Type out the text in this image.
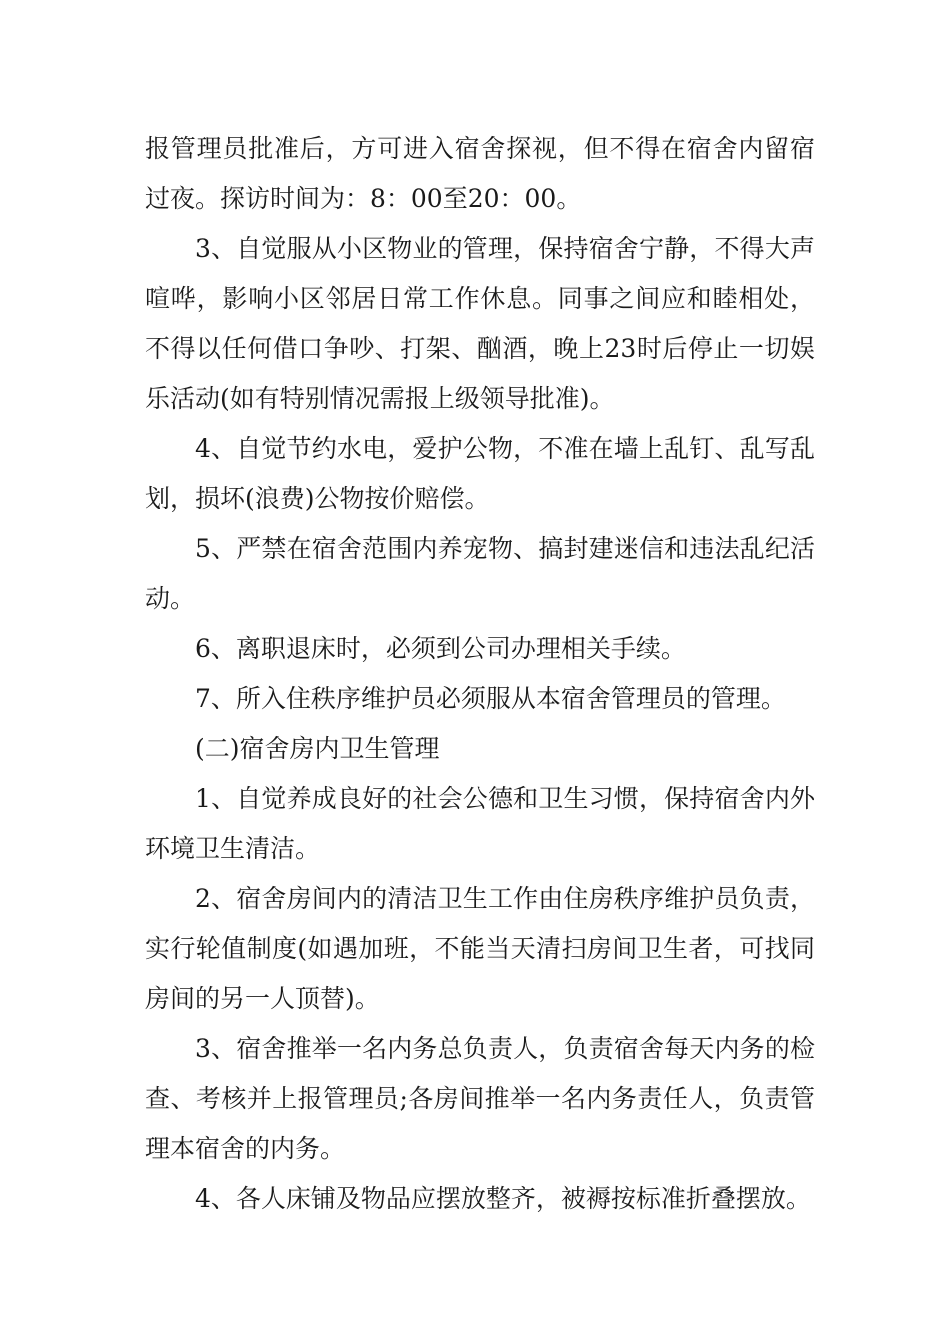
报管理员批准后，方可进入宿舍探视，但不得在宿舍内留宿过夜。探访时间为：8：00至20：00。

3、自觉服从小区物业的管理，保持宿舍宁静，不得大声喧哗，影响小区邻居日常工作休息。同事之间应和睦相处，不得以任何借口争吵、打架、酗酒，晚上23时后停止一切娱乐活动(如有特别情况需报上级领导批准)。

4、自觉节约水电，爱护公物，不准在墙上乱钉、乱写乱划，损坏(浪费)公物按价赔偿。

5、严禁在宿舍范围内养宠物、搞封建迷信和违法乱纪活动。

6、离职退床时，必须到公司办理相关手续。

7、所入住秩序维护员必须服从本宿舍管理员的管理。

(二)宿舍房内卫生管理

1、自觉养成良好的社会公德和卫生习惯，保持宿舍内外环境卫生清洁。

2、宿舍房间内的清洁卫生工作由住房秩序维护员负责，实行轮值制度(如遇加班，不能当天清扫房间卫生者，可找同房间的另一人顶替)。

3、宿舍推举一名内务总负责人，负责宿舍每天内务的检查、考核并上报管理员;各房间推举一名内务责任人，负责管理本宿舍的内务。

4、各人床铺及物品应摆放整齐，被褥按标准折叠摆放。
